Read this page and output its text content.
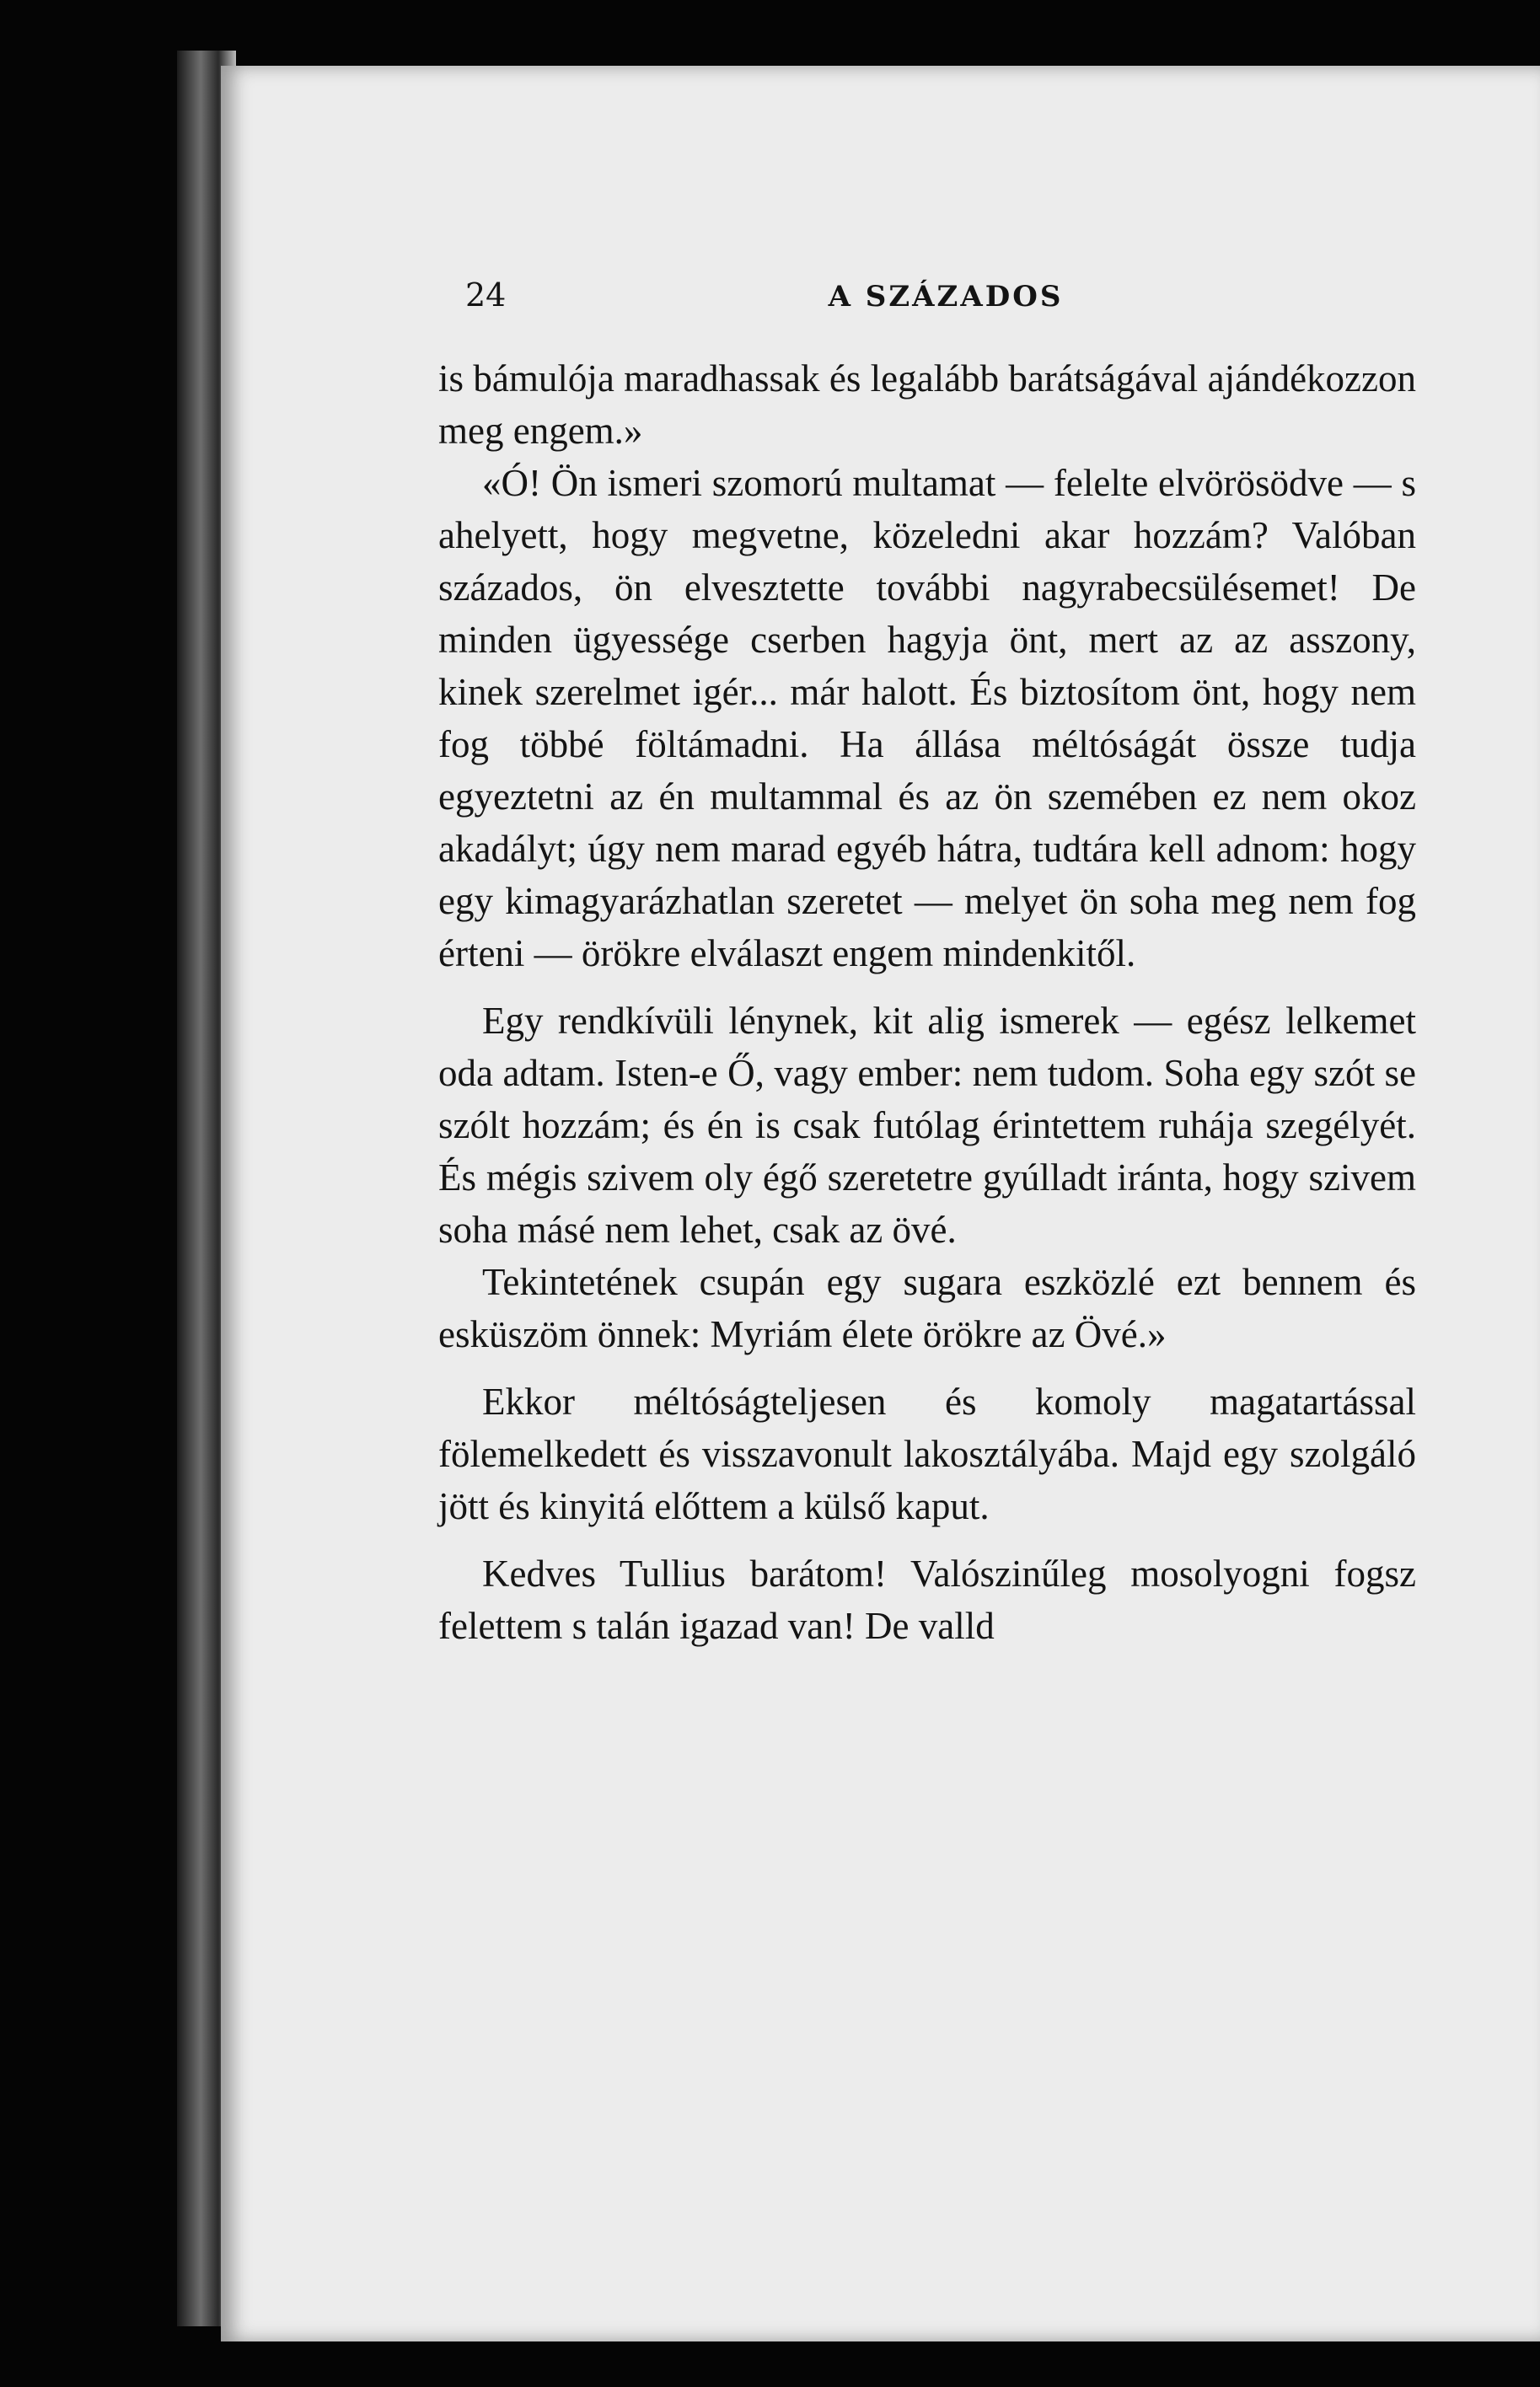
24	A SZÁZADOS

is bámulója maradhassak és legalább barátságával ajándékozzon meg engem.»

«Ó! Ön ismeri szomorú multamat — felelte elvörösödve — s ahelyett, hogy megvetne, közeledni akar hozzám? Valóban százados, ön elvesztette további nagyrabecsülésemet! De minden ügyessége cserben hagyja önt, mert az az asszony, kinek szerelmet igér... már halott. És biztosítom önt, hogy nem fog többé föltámadni. Ha állása méltóságát össze tudja egyeztetni az én multammal és az ön szemében ez nem okoz akadályt; úgy nem marad egyéb hátra, tudtára kell adnom: hogy egy kimagyarázhatlan szeretet — melyet ön soha meg nem fog érteni — örökre elválaszt engem mindenkitől.

Egy rendkívüli lénynek, kit alig ismerek — egész lelkemet oda adtam. Isten-e Ő, vagy ember: nem tudom. Soha egy szót se szólt hozzám; és én is csak futólag érintettem ruhája szegélyét. És mégis szivem oly égő szeretetre gyúlladt iránta, hogy szivem soha másé nem lehet, csak az övé.

Tekintetének csupán egy sugara eszközlé ezt bennem és esküszöm önnek: Myriám élete örökre az Övé.»

Ekkor méltóságteljesen és komoly magatartással fölemelkedett és visszavonult lakosztályába. Majd egy szolgáló jött és kinyitá előttem a külső kaput.

Kedves Tullius barátom! Valószinűleg mosolyogni fogsz felettem s talán igazad van! De valld
